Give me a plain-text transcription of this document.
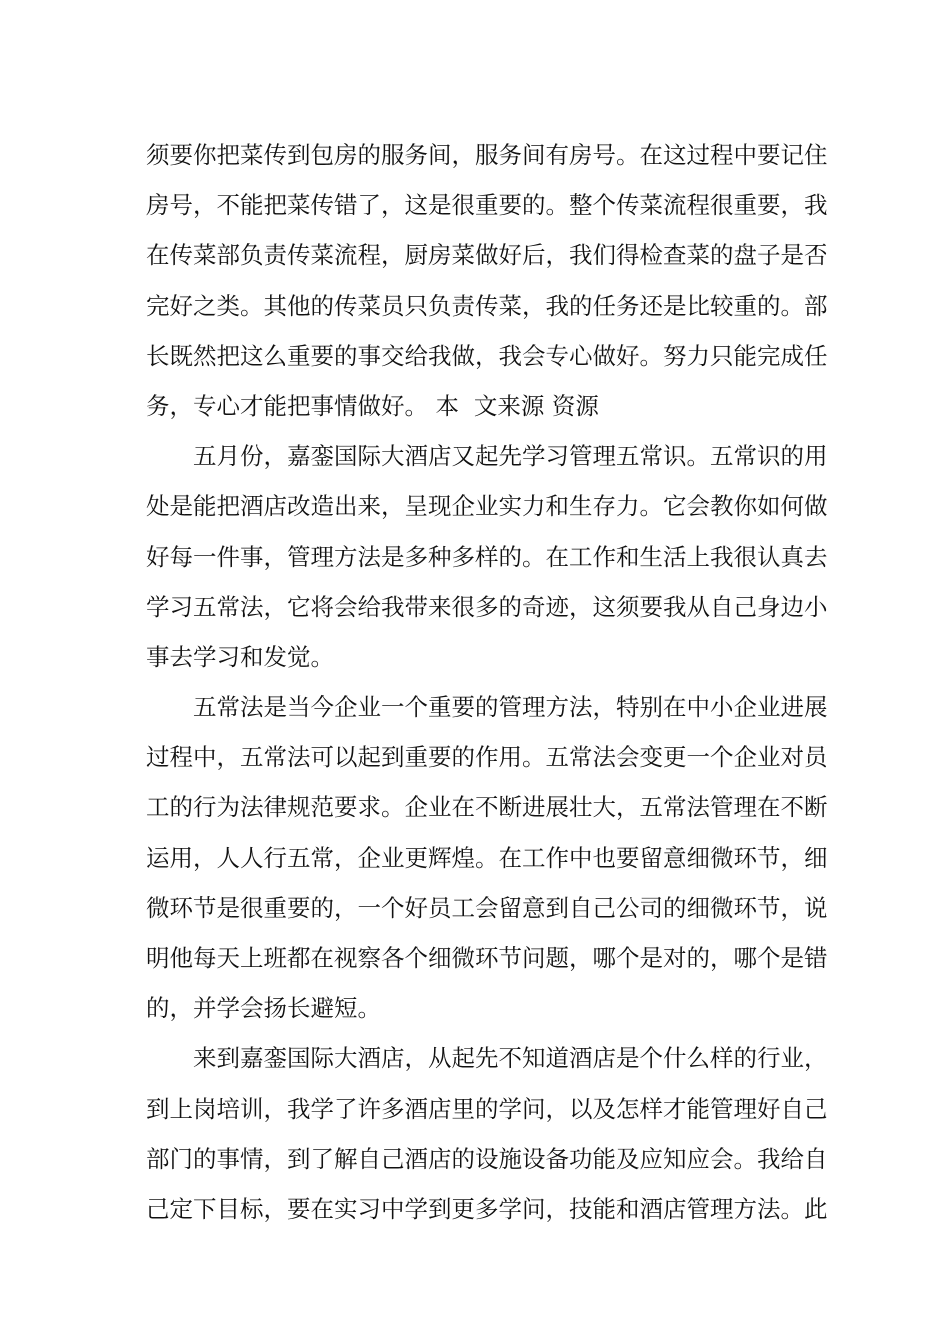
须要你把菜传到包房的服务间，服务间有房号。在这过程中要记住
房号，不能把菜传错了，这是很重要的。整个传菜流程很重要，我
在传菜部负责传菜流程，厨房菜做好后，我们得检查菜的盘子是否
完好之类。其他的传菜员只负责传菜，我的任务还是比较重的。部
长既然把这么重要的事交给我做，我会专心做好。努力只能完成任
务，专心才能把事情做好。 本  文来源 资源
五月份，嘉銮国际大酒店又起先学习管理五常识。五常识的用
处是能把酒店改造出来，呈现企业实力和生存力。它会教你如何做
好每一件事，管理方法是多种多样的。在工作和生活上我很认真去
学习五常法，它将会给我带来很多的奇迹，这须要我从自己身边小
事去学习和发觉。
五常法是当今企业一个重要的管理方法，特别在中小企业进展
过程中，五常法可以起到重要的作用。五常法会变更一个企业对员
工的行为法律规范要求。企业在不断进展壮大，五常法管理在不断
运用，人人行五常，企业更辉煌。在工作中也要留意细微环节，细
微环节是很重要的，一个好员工会留意到自己公司的细微环节，说
明他每天上班都在视察各个细微环节问题，哪个是对的，哪个是错
的，并学会扬长避短。
来到嘉銮国际大酒店，从起先不知道酒店是个什么样的行业，
到上岗培训，我学了许多酒店里的学问，以及怎样才能管理好自己
部门的事情，到了解自己酒店的设施设备功能及应知应会。我给自
己定下目标，要在实习中学到更多学问，技能和酒店管理方法。此
